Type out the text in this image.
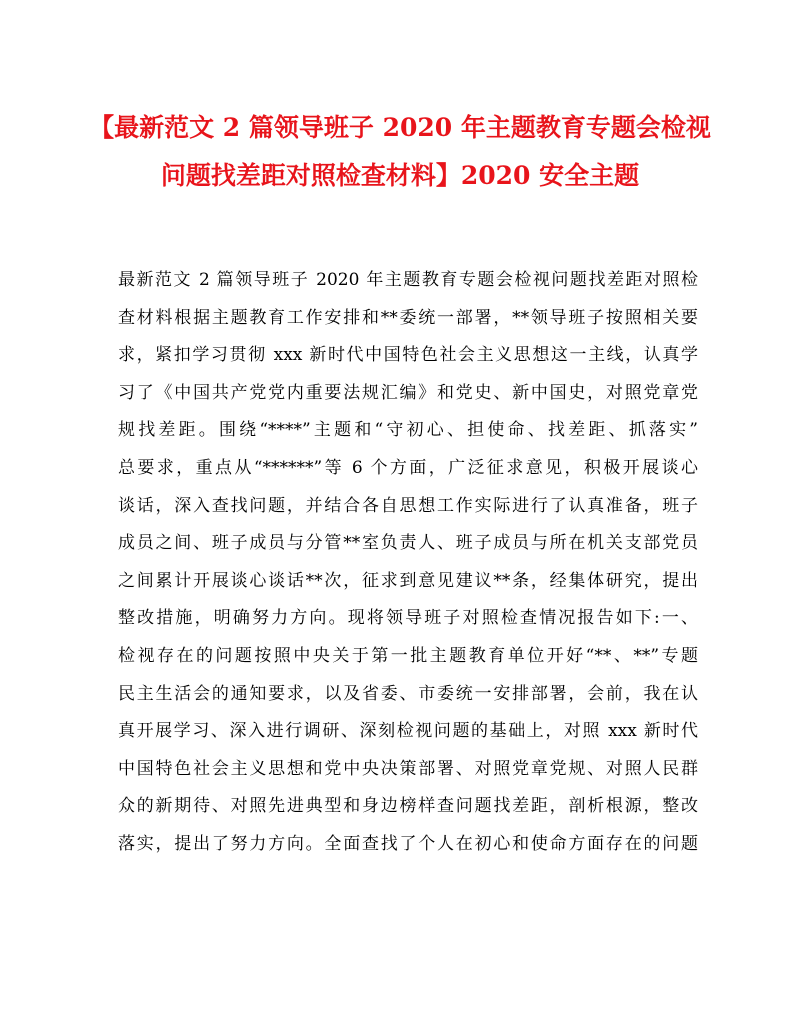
【最新范文 2 篇领导班子 2020 年主题教育专题会检视
问题找差距对照检查材料】2020 安全主题
最新范文 2 篇领导班子 2020 年主题教育专题会检视问题找差距对照检
查材料根据主题教育工作安排和**委统一部署，**领导班子按照相关要
求，紧扣学习贯彻 xxx 新时代中国特色社会主义思想这一主线，认真学
习了《中国共产党党内重要法规汇编》和党史、新中国史，对照党章党
规找差距。围绕“****”主题和“守初心、担使命、找差距、抓落实”
总要求，重点从“******”等 6 个方面，广泛征求意见，积极开展谈心
谈话，深入查找问题，并结合各自思想工作实际进行了认真准备，班子
成员之间、班子成员与分管**室负责人、班子成员与所在机关支部党员
之间累计开展谈心谈话**次，征求到意见建议**条，经集体研究，提出
整改措施，明确努力方向。现将领导班子对照检查情况报告如下:一、
检视存在的问题按照中央关于第一批主题教育单位开好“**、**”专题
民主生活会的通知要求，以及省委、市委统一安排部署，会前，我在认
真开展学习、深入进行调研、深刻检视问题的基础上，对照 xxx 新时代
中国特色社会主义思想和党中央决策部署、对照党章党规、对照人民群
众的新期待、对照先进典型和身边榜样查问题找差距，剖析根源，整改
落实，提出了努力方向。全面查找了个人在初心和使命方面存在的问题
